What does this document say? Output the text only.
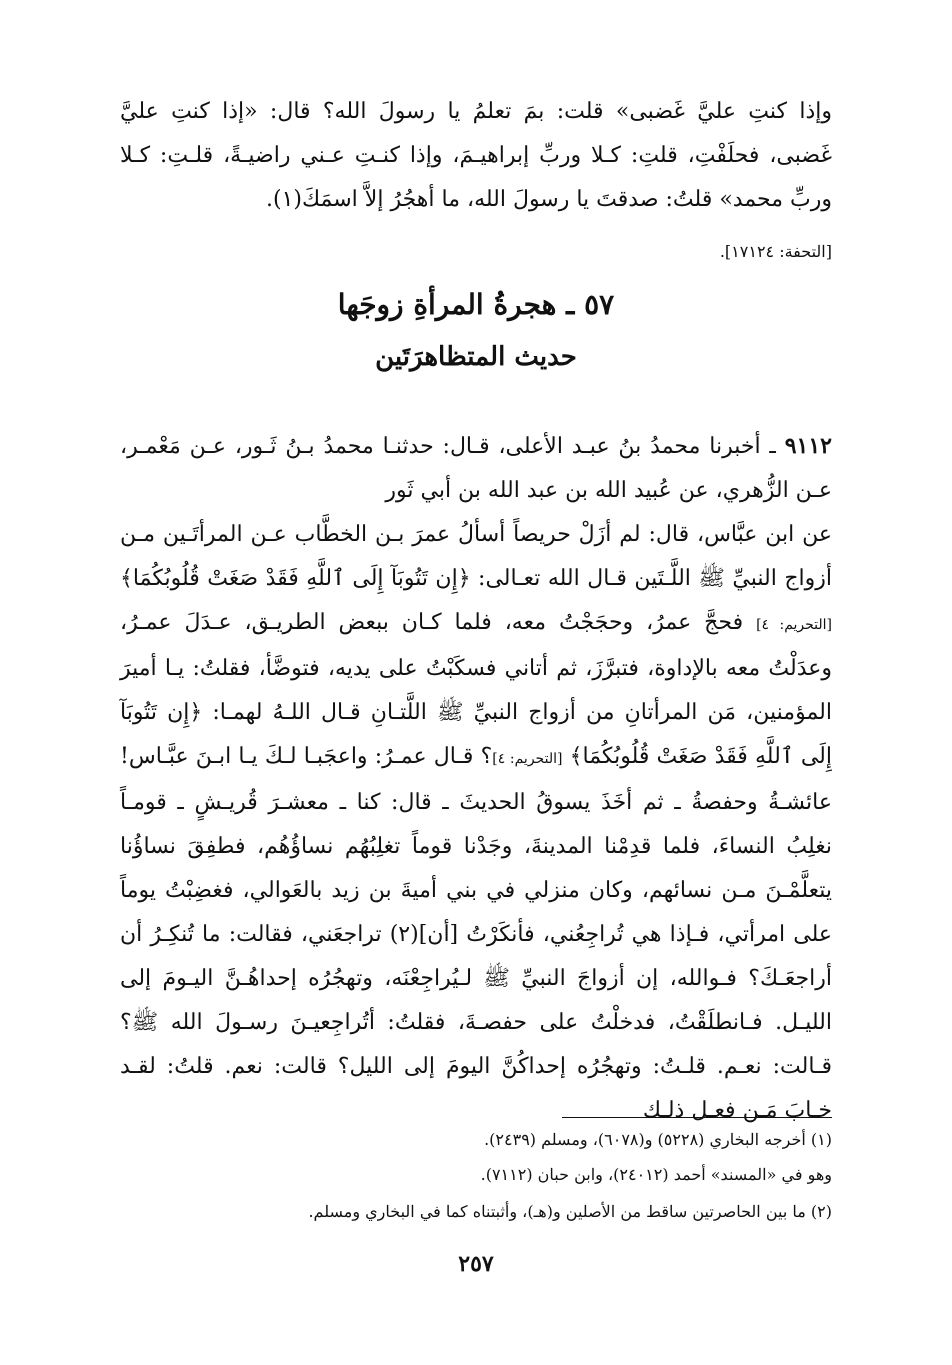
وإذا كنتِ عليَّ غَضبى» قلت: بمَ تعلمُ يا رسولَ الله؟ قال: «إذا كنتِ عليَّ غَضبى، فحلَفْتِ، قلتِ: كـلا وربِّ إبراهيـمَ، وإذا كنـتِ عـني راضيـةً، قلـتِ: كـلا وربِّ محمد» قلتُ: صدقتَ يا رسولَ الله، ما أهجُرُ إلاَّ اسمَكَ(١).

[التحفة: ١٧١٢٤].

٥٧ ـ هجرةُ المرأةِ زوجَها
حديث المتظاهرَتَين

٩١١٢ ـ أخبرنا محمدُ بنُ عبـد الأعلى، قـال: حدثنـا محمدُ بـنُ ثَـور، عـن مَعْمـر، عـن الزُّهري، عن عُبيد الله بن عبد الله بن أبي ثَور

عن ابن عبَّاس، قال: لم أزَلْ حريصاً أسألُ عمرَ بـن الخطَّاب عـن المرأتَـين مـن أزواج النبيِّ ﷺ اللَّـتَين قـال الله تعـالى: ﴿إِن تَتُوبَآ إِلَى ٱللَّهِ فَقَدْ صَغَتْ قُلُوبُكُمَا﴾ [التحريم: ٤] فحجَّ عمرُ، وحجَجْتُ معه، فلما كـان ببعض الطريـق، عـدَلَ عمـرُ، وعدَلْتُ معه بالإداوة، فتبرَّزَ، ثم أتاني فسكَبْتُ على يديه، فتوضَّأ، فقلتُ: يـا أميرَ المؤمنين، مَن المرأتانِ من أزواج النبيِّ ﷺ اللَّتـانِ قـال اللـهُ لهمـا: ﴿إِن تَتُوبَآ إِلَى ٱللَّهِ فَقَدْ صَغَتْ قُلُوبُكُمَا﴾ [التحريم: ٤]؟ قـال عمـرُ: واعجَبـا لـكَ يـا ابـنَ عبَّـاس! عائشـةُ وحفصةُ ـ ثم أخَذَ يسوقُ الحديثَ ـ قال: كنا ـ معشـرَ قُريـشٍ ـ قومـاً نغلِبُ النساءَ، فلما قدِمْنا المدينةَ، وجَدْنا قوماً تغلِبُهُم نساؤُهُم، فطفِقَ نساؤُنا يتعلَّمْـنَ مـن نسائهم، وكان منزلي في بني أميةَ بن زيد بالعَوالي، فغضِبْتُ يوماً على امرأتي، فـإذا هي تُراجِعُني، فأنكَرْتُ [أن](٢) تراجعَني، فقالت: ما تُنكِـرُ أن أراجعَـكَ؟ فـوالله، إن أزواجَ النبيِّ ﷺ لـيُراجِعْنَه، وتهجُرُه إحداهُـنَّ اليـومَ إلى الليـل. فـانطلَقْتُ، فدخلْتُ على حفصـةَ، فقلتُ: أتُراجِعيـنَ رسـولَ الله ﷺ؟ قـالت: نعـم. قلـتُ: وتهجُرُه إحداكُنَّ اليومَ إلى الليل؟ قالت: نعم. قلتُ: لقـد خـابَ مَـن فعـل ذلـك

(١) أخرجه البخاري (٥٢٢٨) و(٦٠٧٨)، ومسلم (٢٤٣٩).
وهو في «المسند» أحمد (٢٤٠١٢)، وابن حبان (٧١١٢).
(٢) ما بين الحاصرتين ساقط من الأصلين و(هـ)، وأثبتناه كما في البخاري ومسلم.
٢٥٧
